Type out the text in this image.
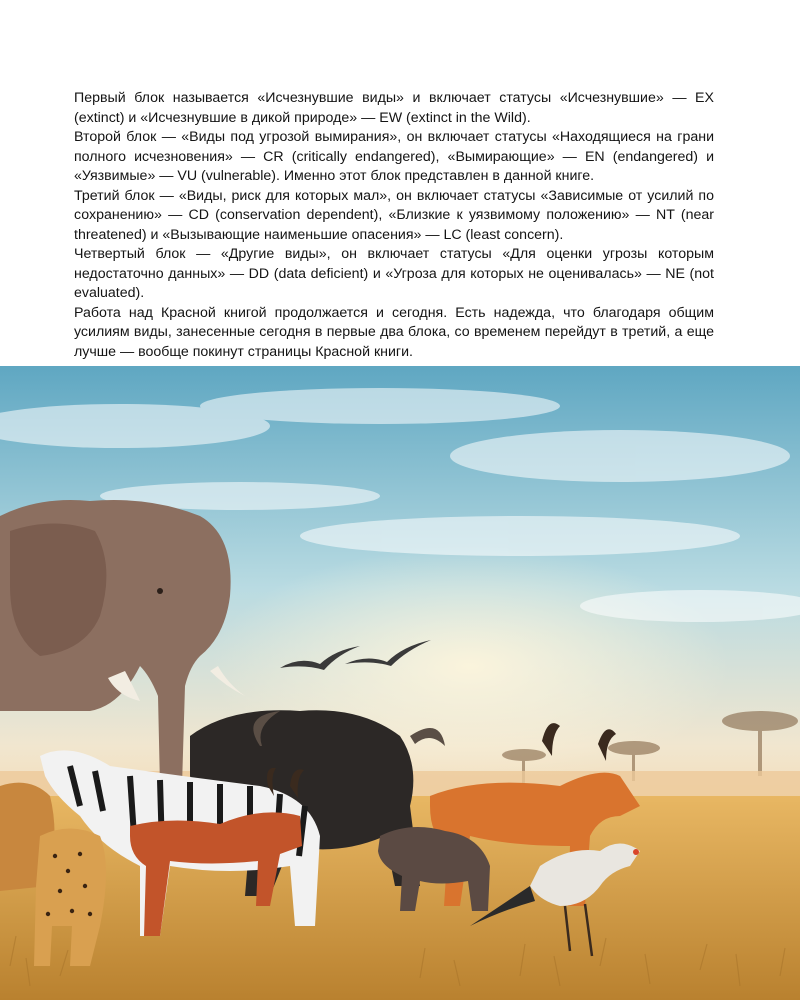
Первый блок называется «Исчезнувшие виды» и включает статусы «Исчезнувшие» — EX (extinct) и «Исчезнувшие в дикой природе» — EW (extinct in the Wild).

Второй блок — «Виды под угрозой вымирания», он включает статусы «Находящиеся на грани полного исчезновения» — CR (critically endangered), «Вымирающие» — EN (endangered) и «Уязвимые» — VU (vulnerable). Именно этот блок представлен в данной книге.

Третий блок — «Виды, риск для которых мал», он включает статусы «Зависимые от усилий по сохранению» — CD (conservation dependent), «Близкие к уязвимому положению» — NT (near threatened) и «Вызывающие наименьшие опасения» — LC (least concern).

Четвертый блок — «Другие виды», он включает статусы «Для оценки угрозы которым недостаточно данных» — DD (data deficient) и «Угроза для которых не оценивалась» — NE (not evaluated).

Работа над Красной книгой продолжается и сегодня. Есть надежда, что благодаря общим усилиям виды, занесенные сегодня в первые два блока, со временем перейдут в третий, а еще лучше — вообще покинут страницы Красной книги.
